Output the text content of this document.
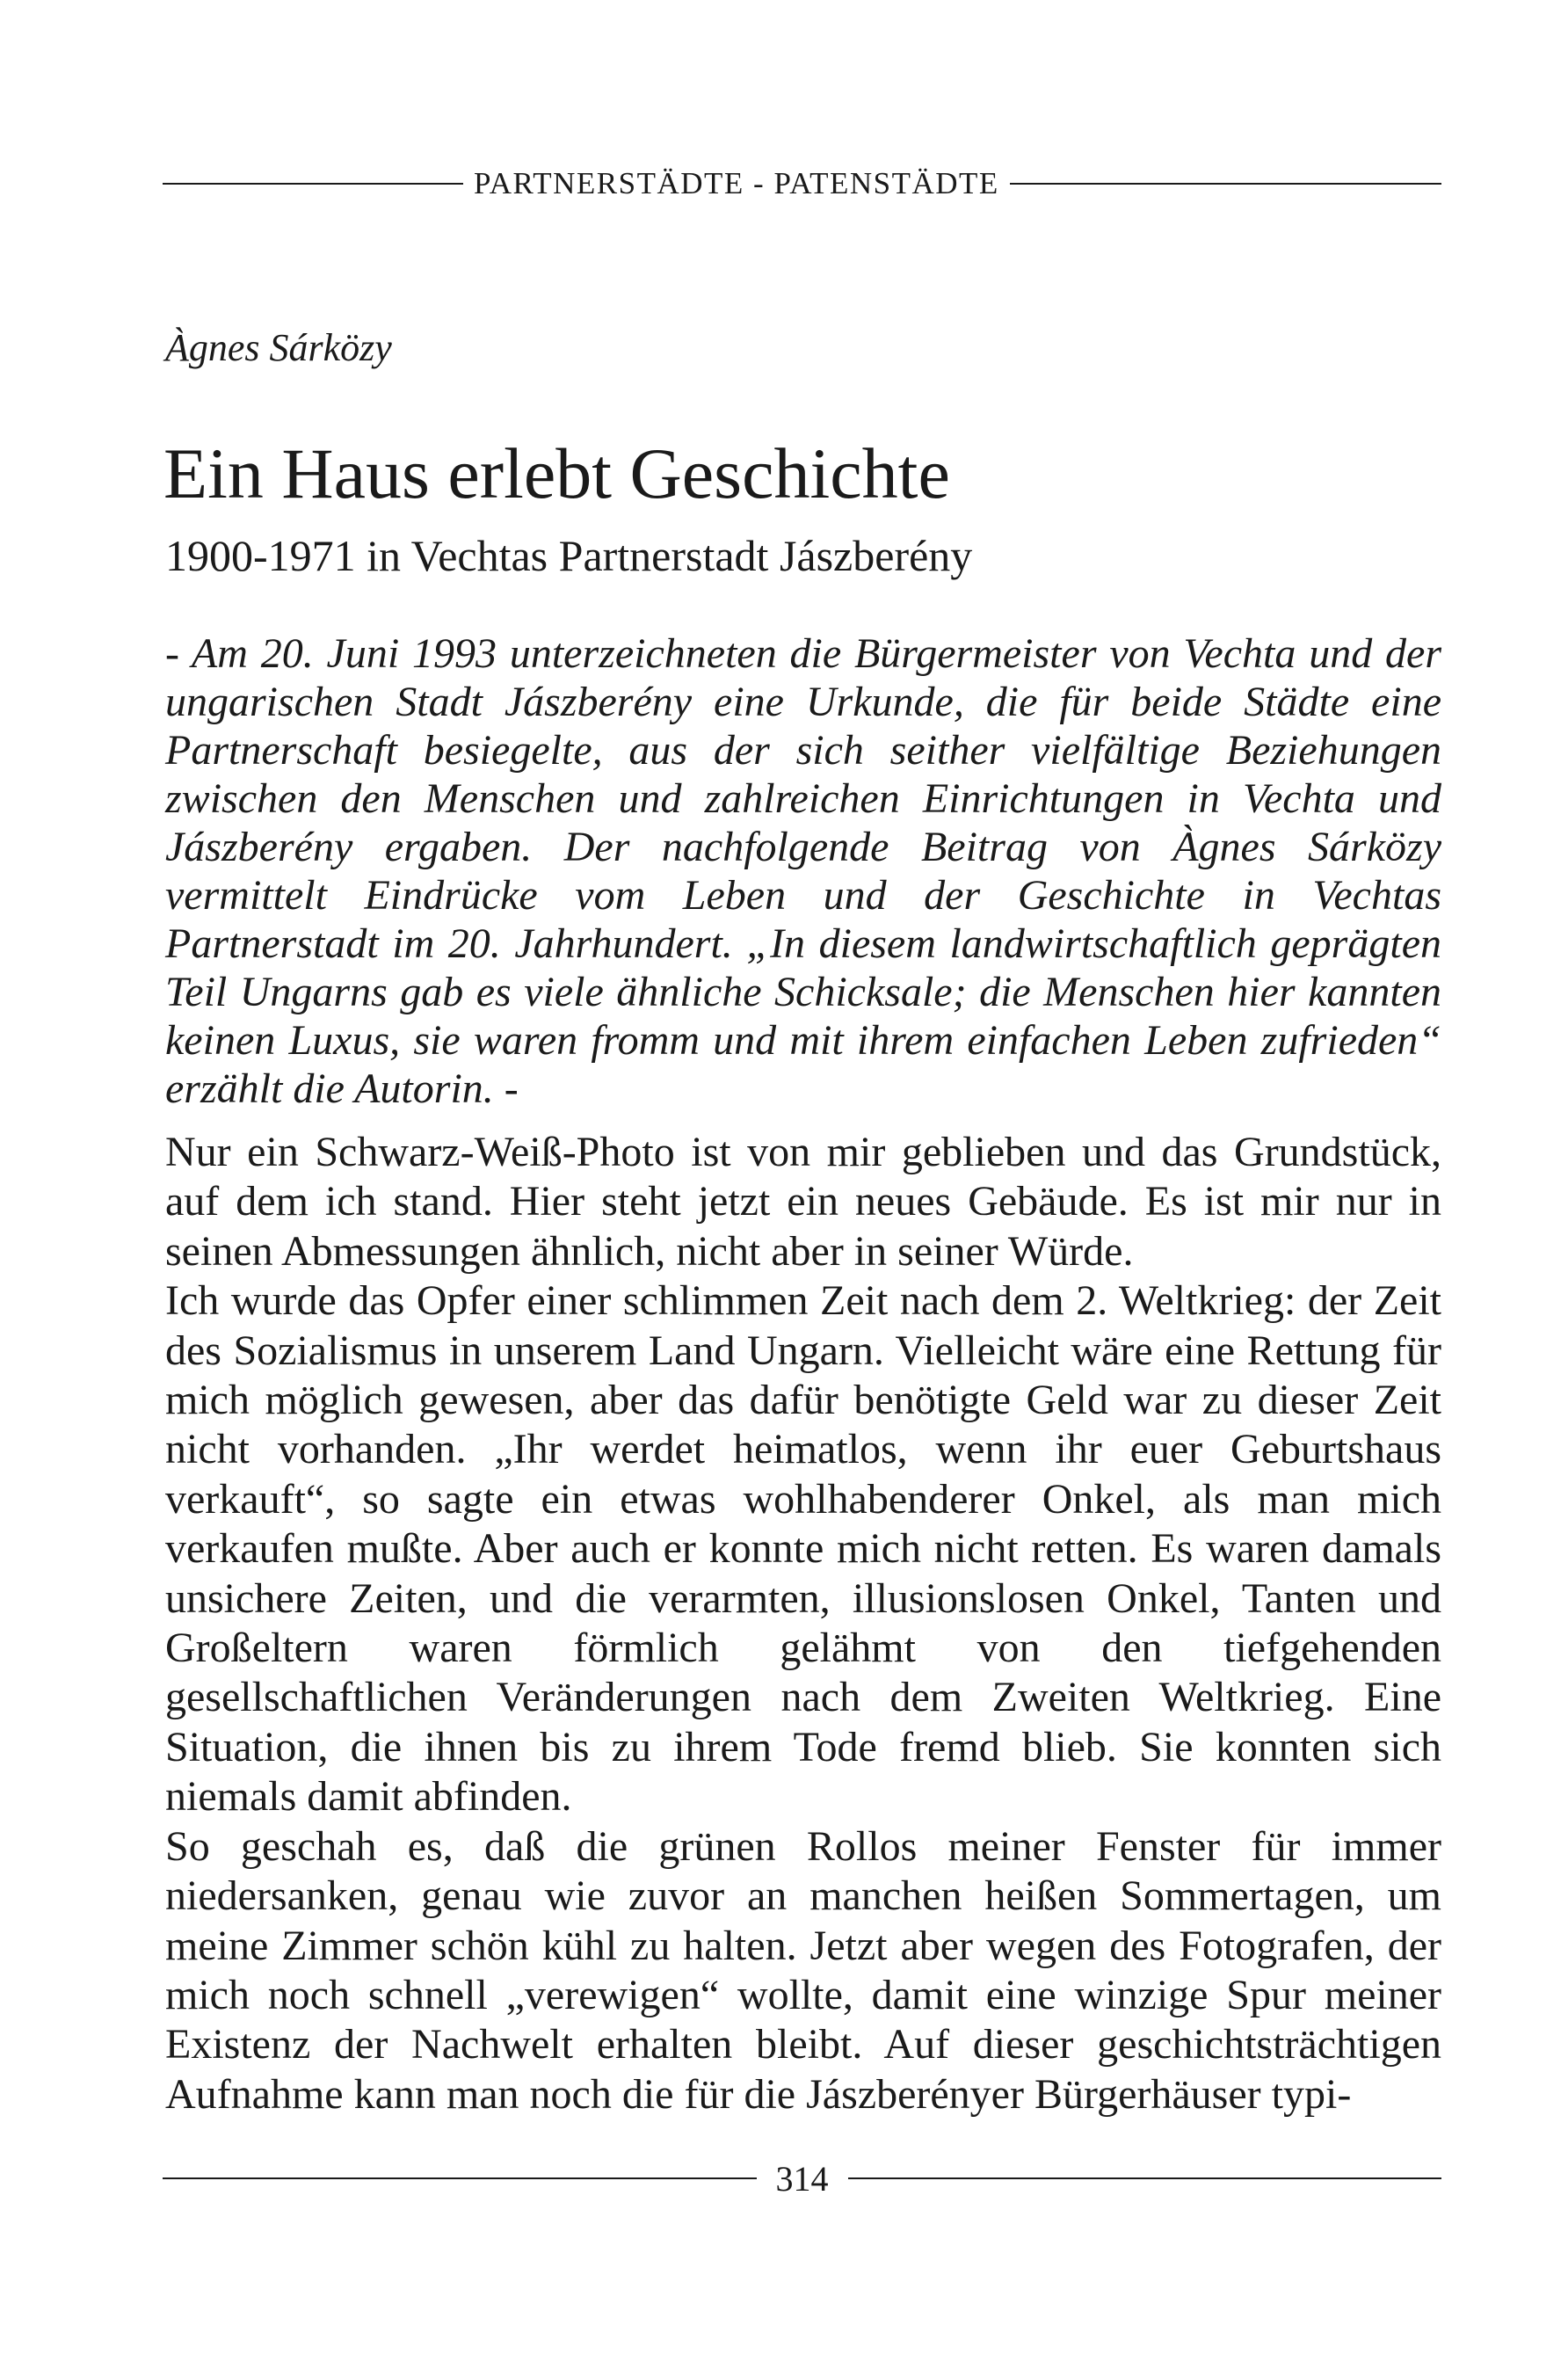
PARTNERSTÄDTE - PATENSTÄDTE
Àgnes Sárközy
Ein Haus erlebt Geschichte
1900-1971 in Vechtas Partnerstadt Jászberény

- Am 20. Juni 1993 unterzeichneten die Bürgermeister von Vechta und der ungarischen Stadt Jászberény eine Urkunde, die für beide Städte eine Partnerschaft besiegelte, aus der sich seither vielfältige Beziehungen zwischen den Menschen und zahlreichen Einrichtungen in Vechta und Jászberény ergaben. Der nachfolgende Beitrag von Àgnes Sárközy vermittelt Eindrücke vom Leben und der Geschichte in Vechtas Partnerstadt im 20. Jahrhundert. „In diesem landwirtschaftlich geprägten Teil Ungarns gab es viele ähnliche Schicksale; die Menschen hier kannten keinen Luxus, sie waren fromm und mit ihrem einfachen Leben zufrieden“ erzählt die Autorin. -

Nur ein Schwarz-Weiß-Photo ist von mir geblieben und das Grundstück, auf dem ich stand. Hier steht jetzt ein neues Gebäude. Es ist mir nur in seinen Abmessungen ähnlich, nicht aber in seiner Würde.

Ich wurde das Opfer einer schlimmen Zeit nach dem 2. Weltkrieg: der Zeit des Sozialismus in unserem Land Ungarn. Vielleicht wäre eine Rettung für mich möglich gewesen, aber das dafür benötigte Geld war zu dieser Zeit nicht vorhanden. „Ihr werdet heimatlos, wenn ihr euer Geburtshaus verkauft“, so sagte ein etwas wohlhabenderer Onkel, als man mich verkaufen mußte. Aber auch er konnte mich nicht retten. Es waren damals unsichere Zeiten, und die verarmten, illusionslosen Onkel, Tanten und Großeltern waren förmlich gelähmt von den tiefgehenden gesellschaftlichen Veränderungen nach dem Zweiten Weltkrieg. Eine Situation, die ihnen bis zu ihrem Tode fremd blieb. Sie konnten sich niemals damit abfinden.

So geschah es, daß die grünen Rollos meiner Fenster für immer niedersanken, genau wie zuvor an manchen heißen Sommertagen, um meine Zimmer schön kühl zu halten. Jetzt aber wegen des Fotografen, der mich noch schnell „verewigen“ wollte, damit eine winzige Spur meiner Existenz der Nachwelt erhalten bleibt. Auf dieser geschichtsträchtigen Aufnahme kann man noch die für die Jászberényer Bürgerhäuser typi-

314
